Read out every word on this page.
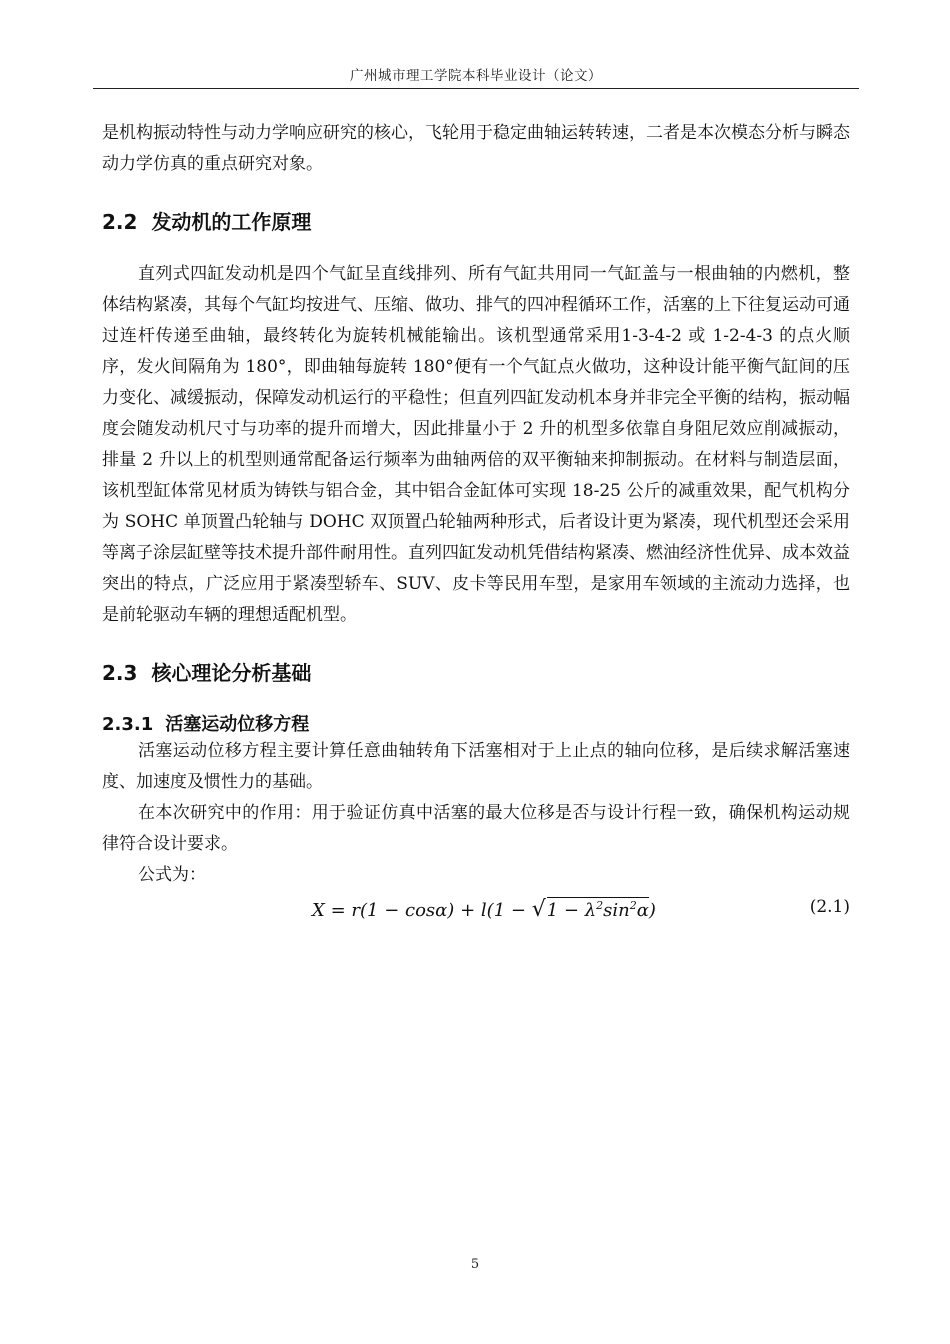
广州城市理工学院本科毕业设计（论文）

是机构振动特性与动力学响应研究的核心，飞轮用于稳定曲轴运转转速，二者是本次模态分析与瞬态动力学仿真的重点研究对象。

2.2 发动机的工作原理

直列式四缸发动机是四个气缸呈直线排列、所有气缸共用同一气缸盖与一根曲轴的内燃机，整体结构紧凑，其每个气缸均按进气、压缩、做功、排气的四冲程循环工作，活塞的上下往复运动可通过连杆传递至曲轴，最终转化为旋转机械能输出。该机型通常采用1-3-4-2 或 1-2-4-3 的点火顺序，发火间隔角为 180°，即曲轴每旋转 180°便有一个气缸点火做功，这种设计能平衡气缸间的压力变化、减缓振动，保障发动机运行的平稳性；但直列四缸发动机本身并非完全平衡的结构，振动幅度会随发动机尺寸与功率的提升而增大，因此排量小于 2 升的机型多依靠自身阻尼效应削减振动，排量 2 升以上的机型则通常配备运行频率为曲轴两倍的双平衡轴来抑制振动。在材料与制造层面，该机型缸体常见材质为铸铁与铝合金，其中铝合金缸体可实现 18-25 公斤的减重效果，配气机构分为 SOHC 单顶置凸轮轴与 DOHC 双顶置凸轮轴两种形式，后者设计更为紧凑，现代机型还会采用等离子涂层缸壁等技术提升部件耐用性。直列四缸发动机凭借结构紧凑、燃油经济性优异、成本效益突出的特点，广泛应用于紧凑型轿车、SUV、皮卡等民用车型，是家用车领域的主流动力选择，也是前轮驱动车辆的理想适配机型。

2.3 核心理论分析基础
2.3.1 活塞运动位移方程

活塞运动位移方程主要计算任意曲轴转角下活塞相对于上止点的轴向位移，是后续求解活塞速度、加速度及惯性力的基础。

在本次研究中的作用：用于验证仿真中活塞的最大位移是否与设计行程一致，确保机构运动规律符合设计要求。

公式为：

$X = r(1 - \cos\alpha) + l(1 - √1 - \lambda^2\sin^2\alpha)$	(2.1)
5
